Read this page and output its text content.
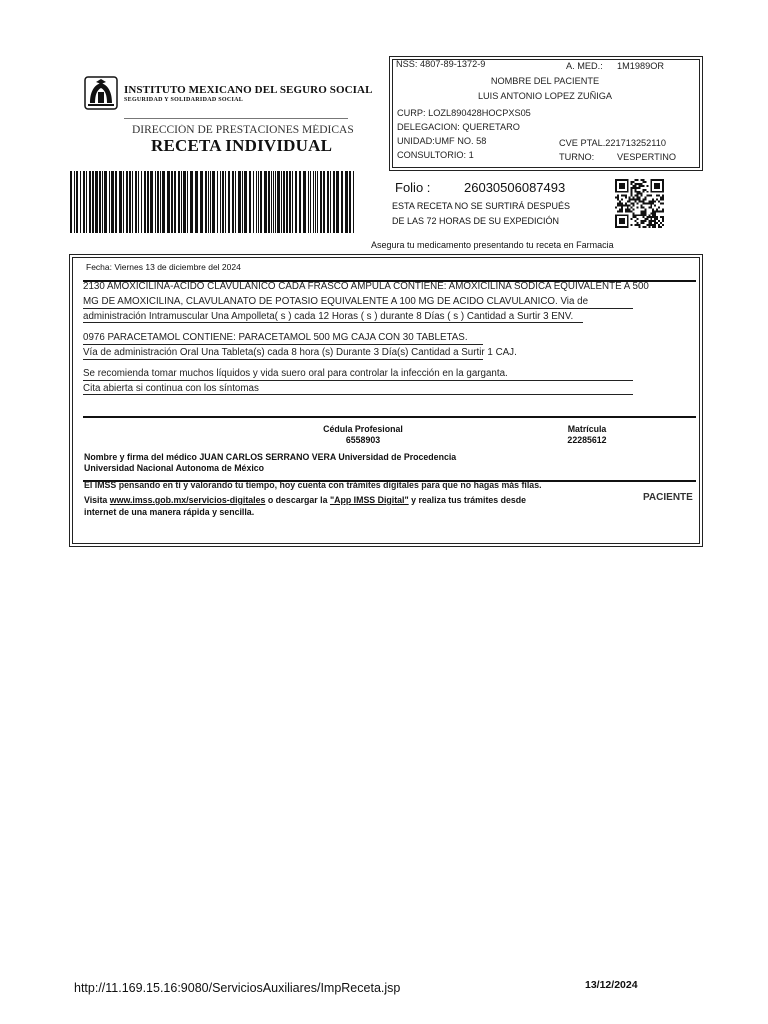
INSTITUTO MEXICANO DEL SEGURO SOCIAL
SEGURIDAD Y SOLIDARIDAD SOCIAL
DIRECCIÓN DE PRESTACIONES MÉDICAS
RECETA INDIVIDUAL
NSS: 4807-89-1372-9	A. MED.: 1M1989OR
NOMBRE DEL PACIENTE
LUIS ANTONIO LOPEZ ZUÑIGA
CURP: LOZL890428HOCPXS05
DELEGACION: QUERETARO
UNIDAD:UMF NO. 58	CVE PTAL.221713252110
CONSULTORIO: 1	TURNO: VESPERTINO
Folio :	26030506087493
ESTA RECETA NO SE SURTIRÁ DESPUÉS
DE LAS 72 HORAS DE SU EXPEDICIÓN
Asegura tu medicamento presentando tu receta en Farmacia
Fecha: Viernes 13 de diciembre del 2024
2130 AMOXICILINA-ACIDO CLAVULANICO CADA FRASCO AMPULA CONTIENE: AMOXICILINA SODICA EQUIVALENTE A 500
MG DE AMOXICILINA, CLAVULANATO DE POTASIO EQUIVALENTE A 100 MG DE ACIDO CLAVULANICO. Via de
administración Intramuscular Una Ampolleta( s ) cada 12 Horas ( s ) durante 8 Días ( s ) Cantidad a Surtir 3 ENV.
0976 PARACETAMOL CONTIENE: PARACETAMOL 500 MG CAJA CON 30 TABLETAS.
Vía de administración Oral Una Tableta(s) cada 8 hora (s) Durante 3 Día(s) Cantidad a Surtir 1 CAJ.
Se recomienda tomar muchos líquidos y vida suero oral para controlar la infección en la garganta.
Cita abierta si continua con los síntomas
Cédula Profesional
6558903
Matrícula
22285612
Nombre y firma del médico JUAN CARLOS SERRANO VERA Universidad de Procedencia
Universidad Nacional Autonoma de México
El IMSS pensando en ti y valorando tu tiempo, hoy cuenta con trámites digitales para que no hagas más filas.
Visita www.imss.gob.mx/servicios-digitales o descargar la "App IMSS Digital" y realiza tus trámites desde
internet de una manera rápida y sencilla.
PACIENTE
http://11.169.15.16:9080/ServiciosAuxiliares/ImpReceta.jsp	13/12/2024
